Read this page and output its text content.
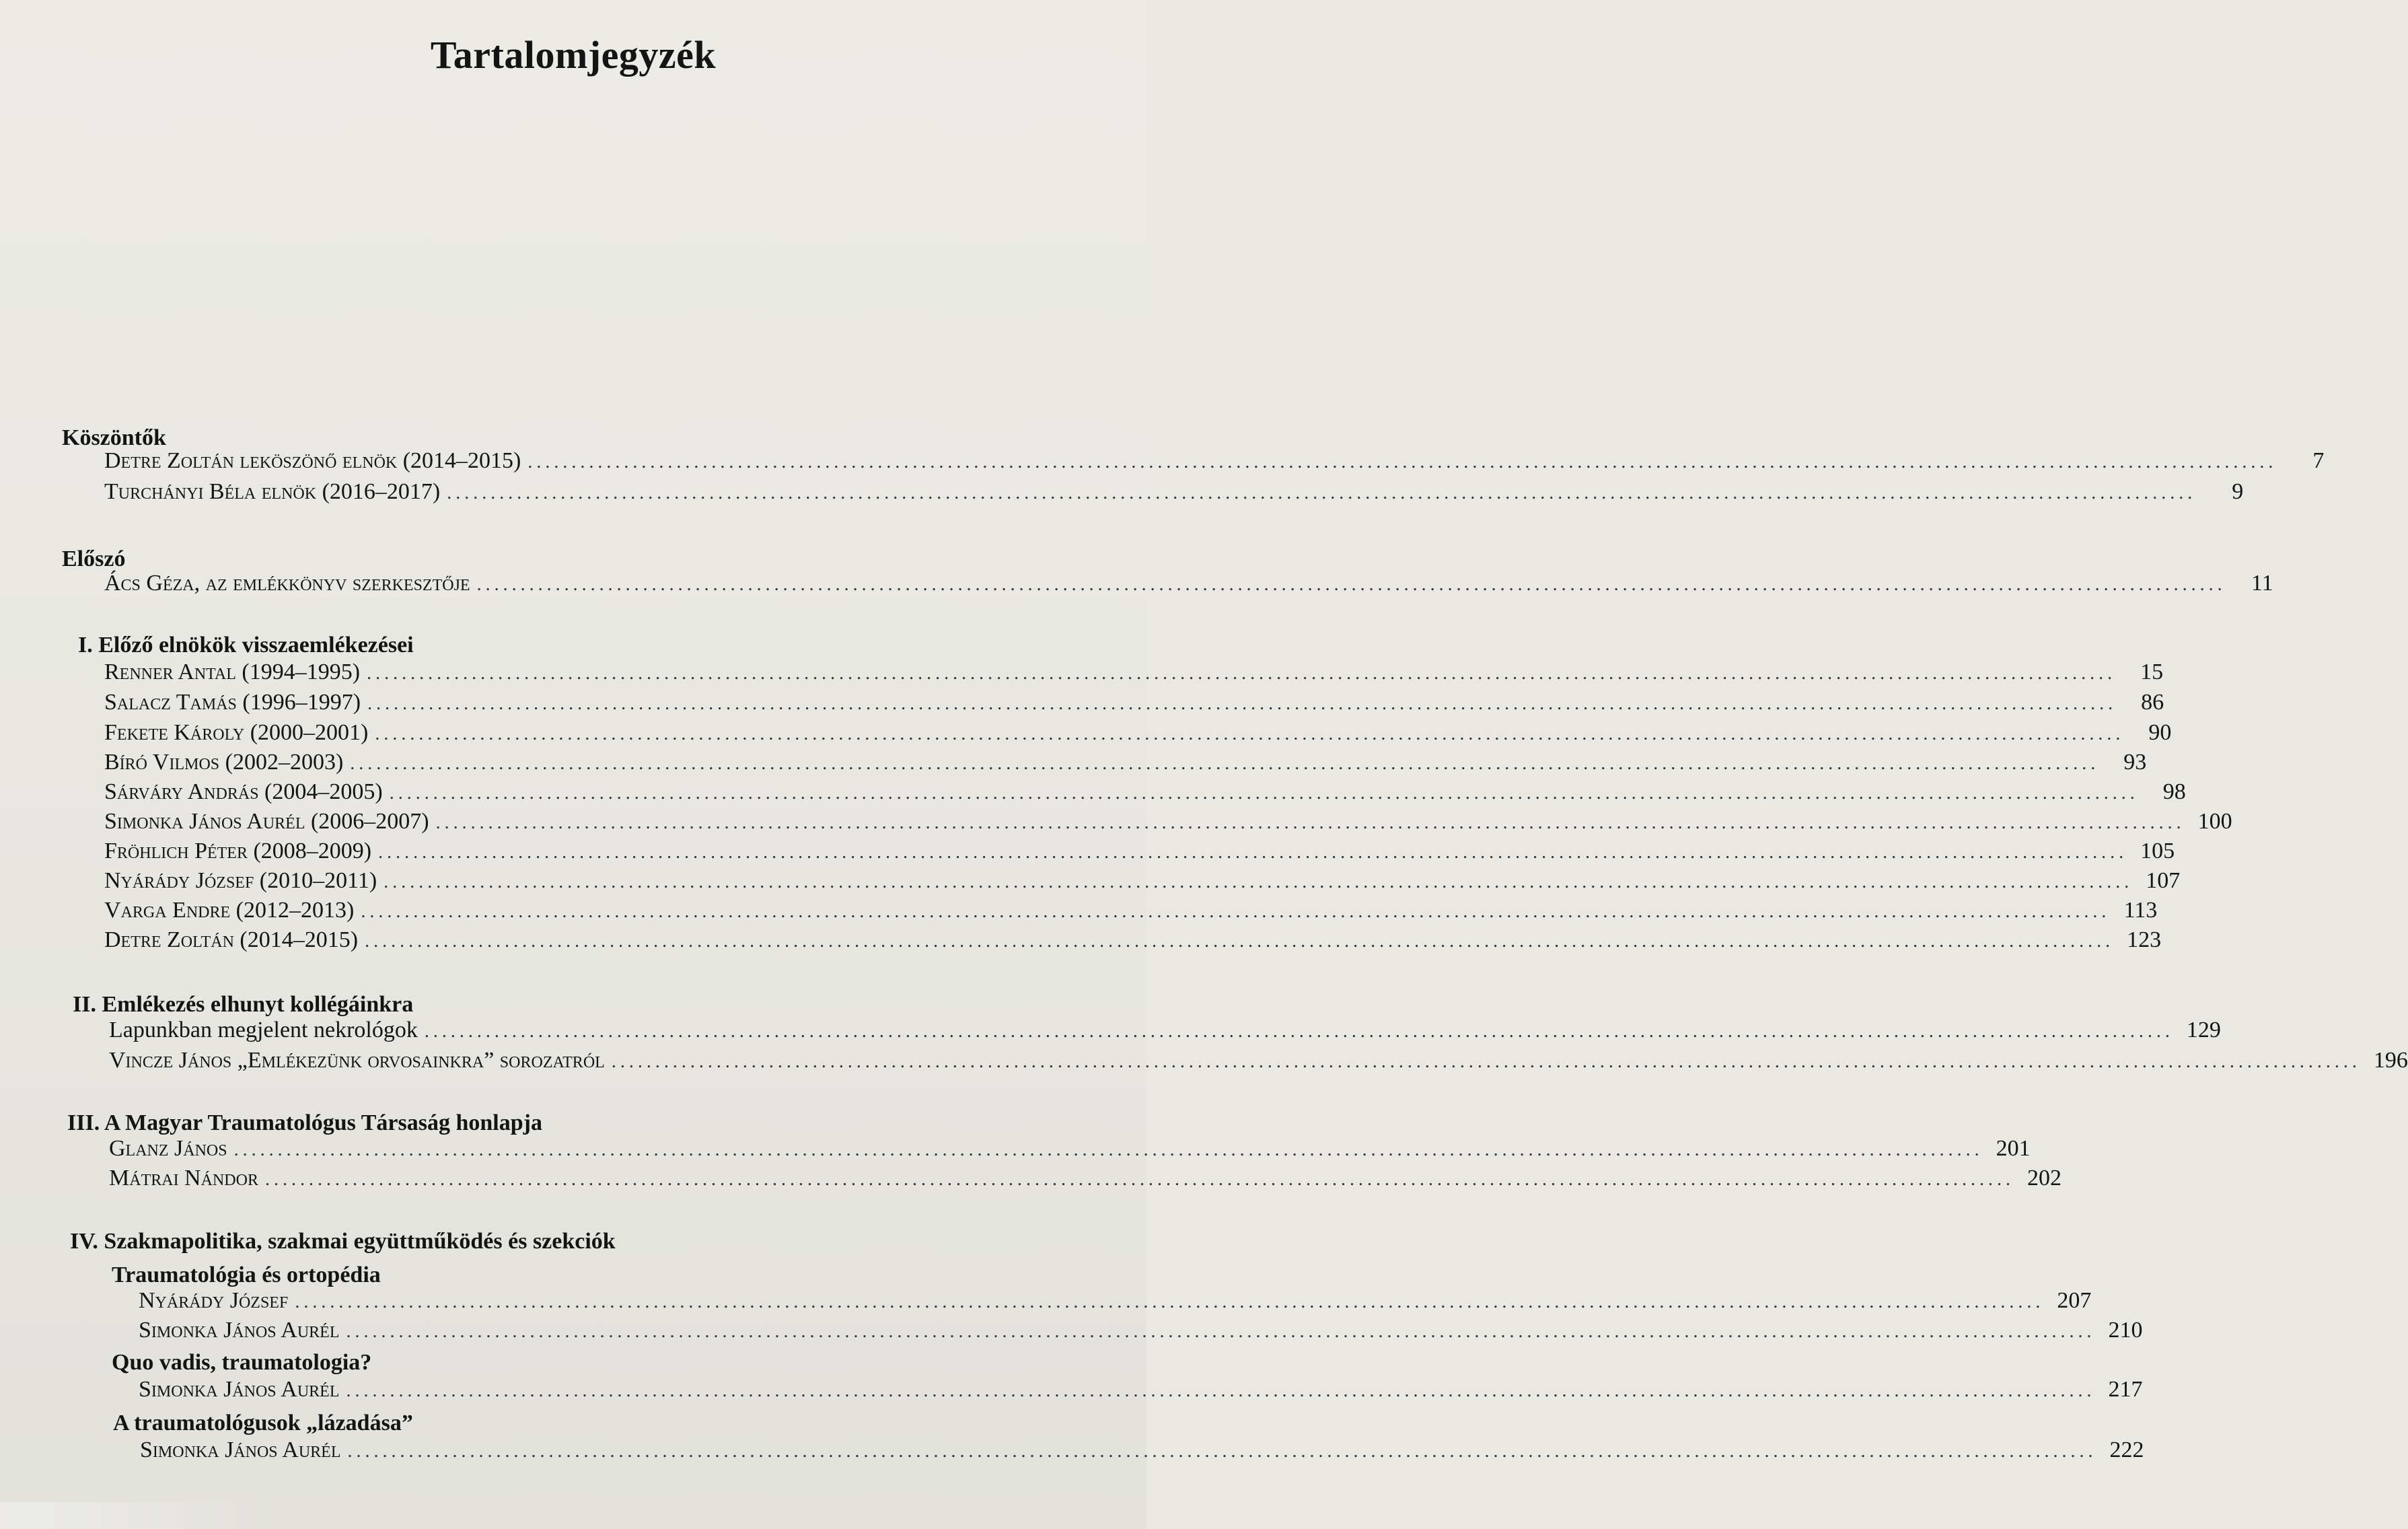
Tartalomjegyzék
Köszöntők
Detre Zoltán leköszönő elnök (2014–2015) ........................................................................................................................................................................................................	7
Turchányi Béla elnök (2016–2017) ........................................................................................................................................................................................................	9
Előszó
Ács Géza, az emlékkönyv szerkesztője ........................................................................................................................................................................................................	11
I. Előző elnökök visszaemlékezései
Renner Antal (1994–1995) ........................................................................................................................................................................................................	15
Salacz Tamás (1996–1997) ........................................................................................................................................................................................................	86
Fekete Károly (2000–2001) ........................................................................................................................................................................................................	90
Bíró Vilmos (2002–2003) ........................................................................................................................................................................................................	93
Sárváry András (2004–2005) ........................................................................................................................................................................................................	98
Simonka János Aurél (2006–2007) ........................................................................................................................................................................................................ 100
Fröhlich Péter (2008–2009) ........................................................................................................................................................................................................ 105
Nyárády József (2010–2011) ........................................................................................................................................................................................................ 107
Varga Endre (2012–2013) ........................................................................................................................................................................................................ 113
Detre Zoltán (2014–2015) ........................................................................................................................................................................................................ 123
II. Emlékezés elhunyt kollégáinkra
Lapunkban megjelent nekrológok ........................................................................................................................................................................................................ 129
Vincze János „Emlékezünk orvosainkra” sorozatról ........................................................................................................................................................................................................ 196
III. A Magyar Traumatológus Társaság honlapja
Glanz János ........................................................................................................................................................................................................ 201
Mátrai Nándor ........................................................................................................................................................................................................ 202
IV. Szakmapolitika, szakmai együttműködés és szekciók
Traumatológia és ortopédia
Nyárády József ........................................................................................................................................................................................................ 207
Simonka János Aurél ........................................................................................................................................................................................................ 210
Quo vadis, traumatologia?
Simonka János Aurél ........................................................................................................................................................................................................ 217
A traumatológusok „lázadása”
Simonka János Aurél ........................................................................................................................................................................................................ 222
